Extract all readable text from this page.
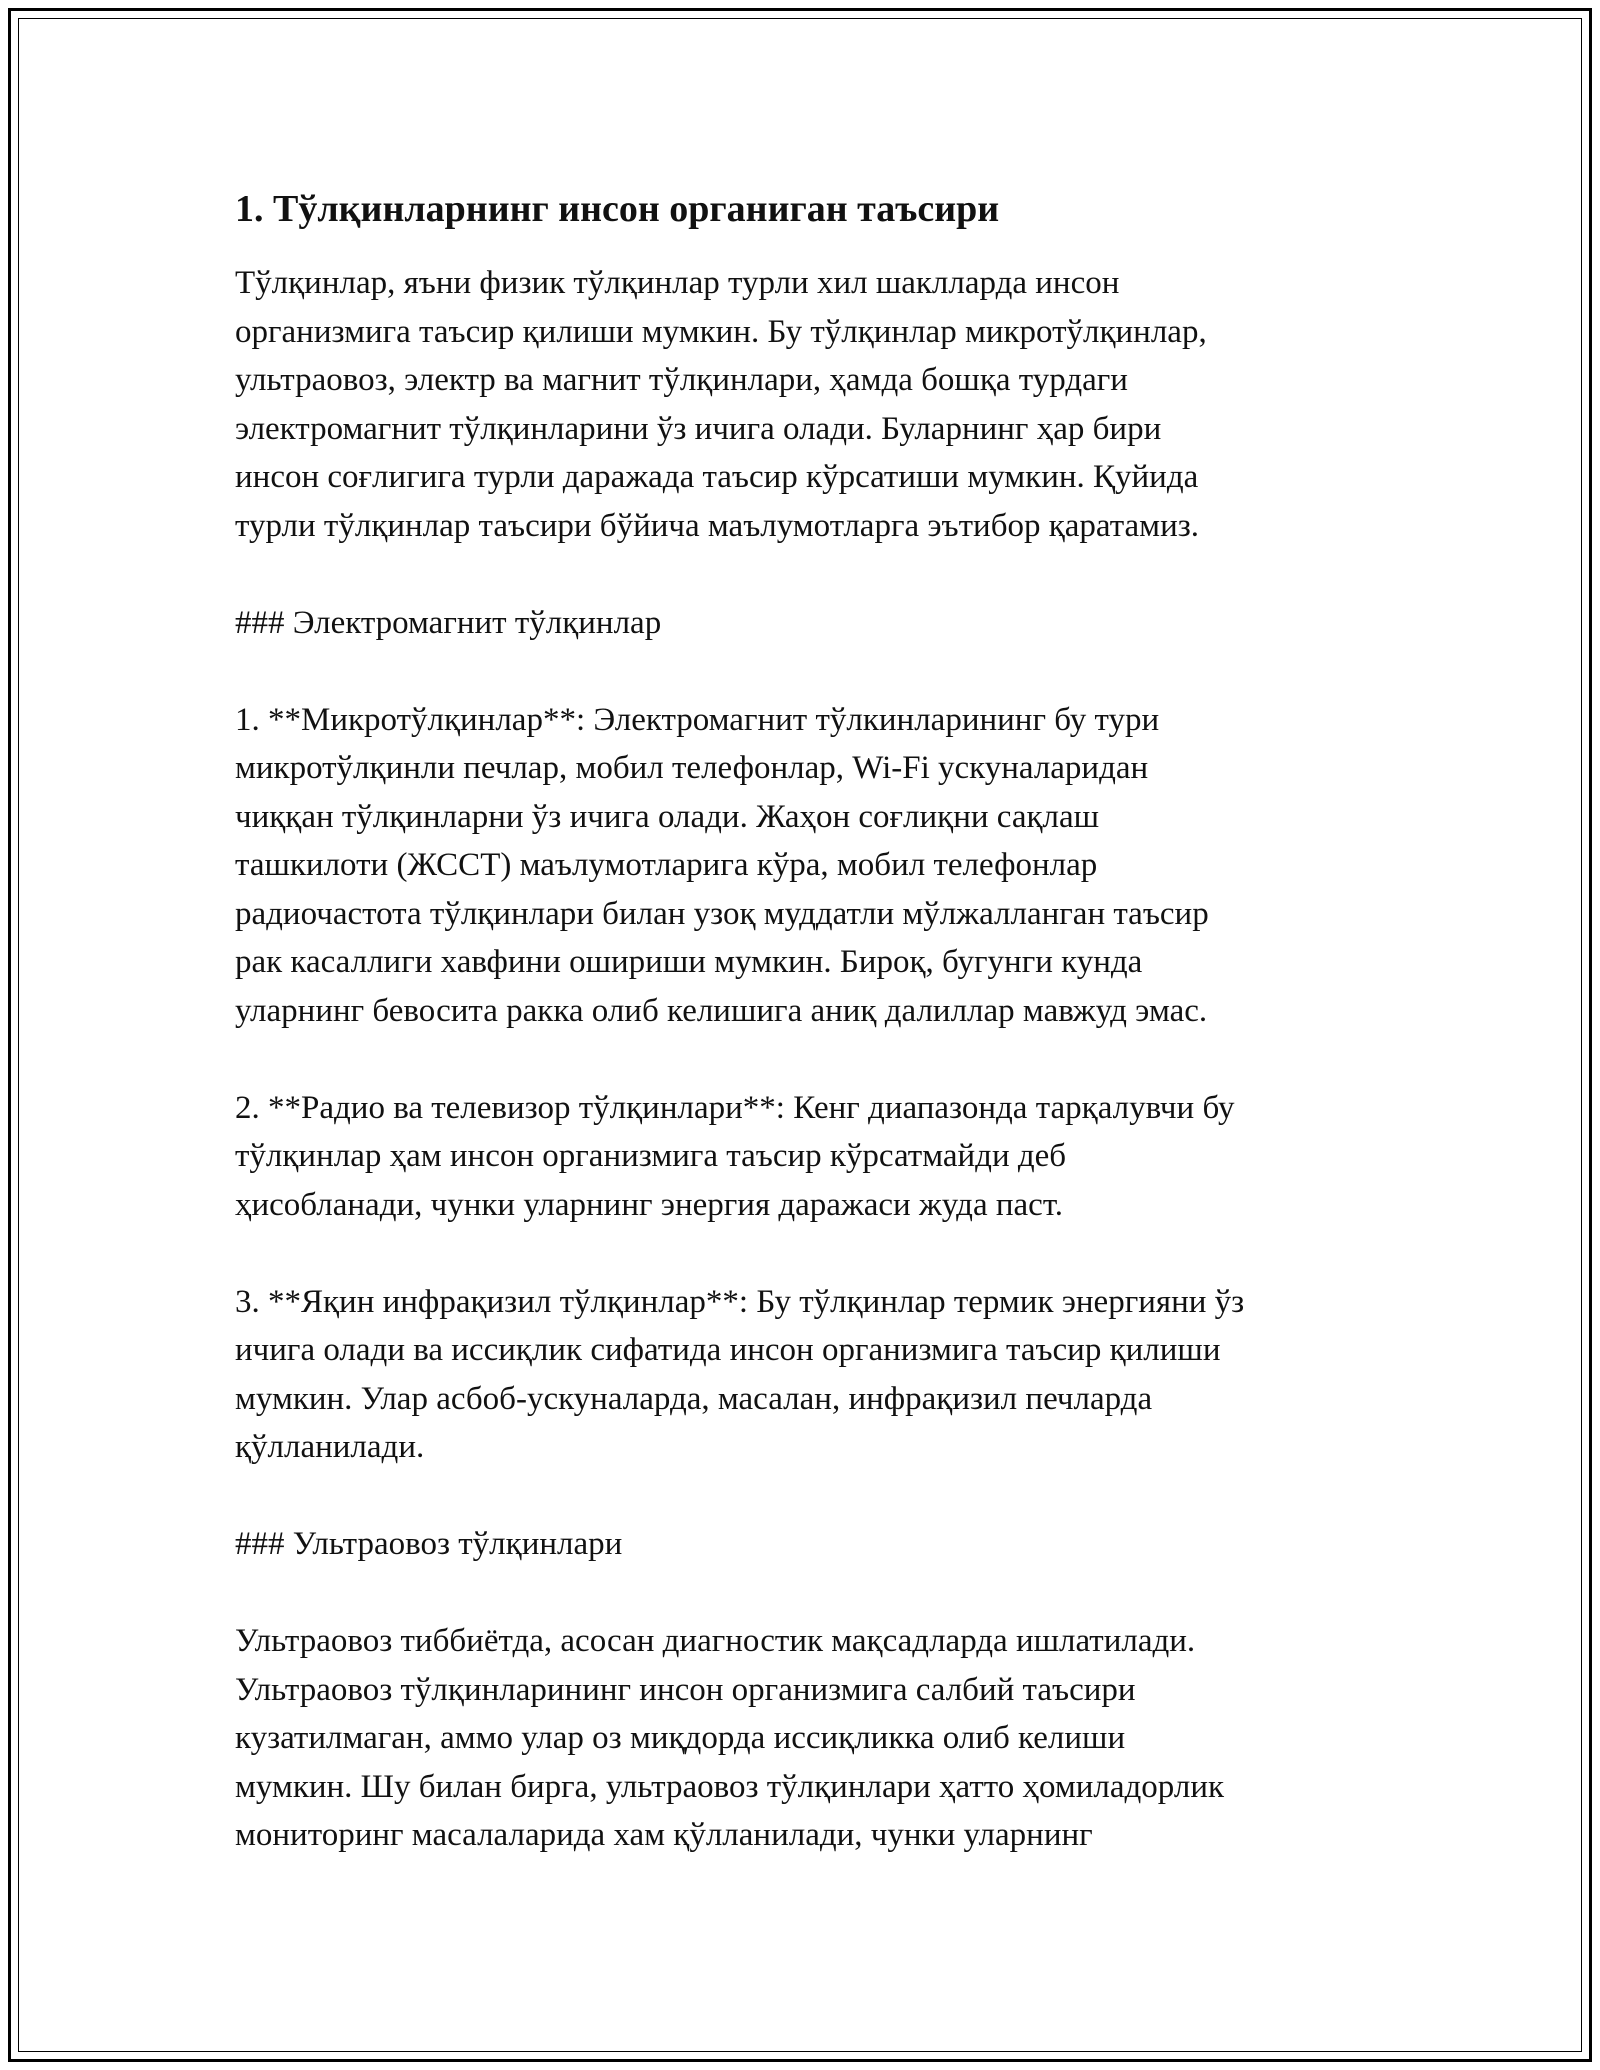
1. Тўлқинларнинг инсон органиган таъсири

Тўлқинлар, яъни физик тўлқинлар турли хил шаклларда инсон
организмига таъсир қилиши мумкин. Бу тўлқинлар микротўлқинлар,
ультраовоз, электр ва магнит тўлқинлари, ҳамда бошқа турдаги
электромагнит тўлқинларини ўз ичига олади. Буларнинг ҳар бири
инсон соғлигига турли даражада таъсир кўрсатиши мумкин. Қуйида
турли тўлқинлар таъсири бўйича маълумотларга эътибор қаратамиз.

### Электромагнит тўлқинлар

1. **Микротўлқинлар**: Электромагнит тўлкинларининг бу тури
микротўлқинли печлар, мобил телефонлар, Wi-Fi ускуналаридан
чиққан тўлқинларни ўз ичига олади. Жаҳон соғлиқни сақлаш
ташкилоти (ЖССТ) маълумотларига кўра, мобил телефонлар
радиочастота тўлқинлари билан узоқ муддатли мўлжалланган таъсир
рак касаллиги хавфини ошириши мумкин. Бироқ, бугунги кунда
уларнинг бевосита ракка олиб келишига аниқ далиллар мавжуд эмас.

2. **Радио ва телевизор тўлқинлари**: Кенг диапазонда тарқалувчи бу
тўлқинлар ҳам инсон организмига таъсир кўрсатмайди деб
ҳисобланади, чунки уларнинг энергия даражаси жуда паст.

3. **Яқин инфрақизил тўлқинлар**: Бу тўлқинлар термик энергияни ўз
ичига олади ва иссиқлик сифатида инсон организмига таъсир қилиши
мумкин. Улар асбоб-ускуналарда, масалан, инфрақизил печларда
қўлланилади.

### Ультраовоз тўлқинлари

Ультраовоз тиббиётда, асосан диагностик мақсадларда ишлатилади.
Ультраовоз тўлқинларининг инсон организмига салбий таъсири
кузатилмаган, аммо улар оз миқдорда иссиқликка олиб келиши
мумкин. Шу билан бирга, ультраовоз тўлқинлари ҳатто ҳомиладорлик
мониторинг масалаларида хам қўлланилади, чунки уларнинг
